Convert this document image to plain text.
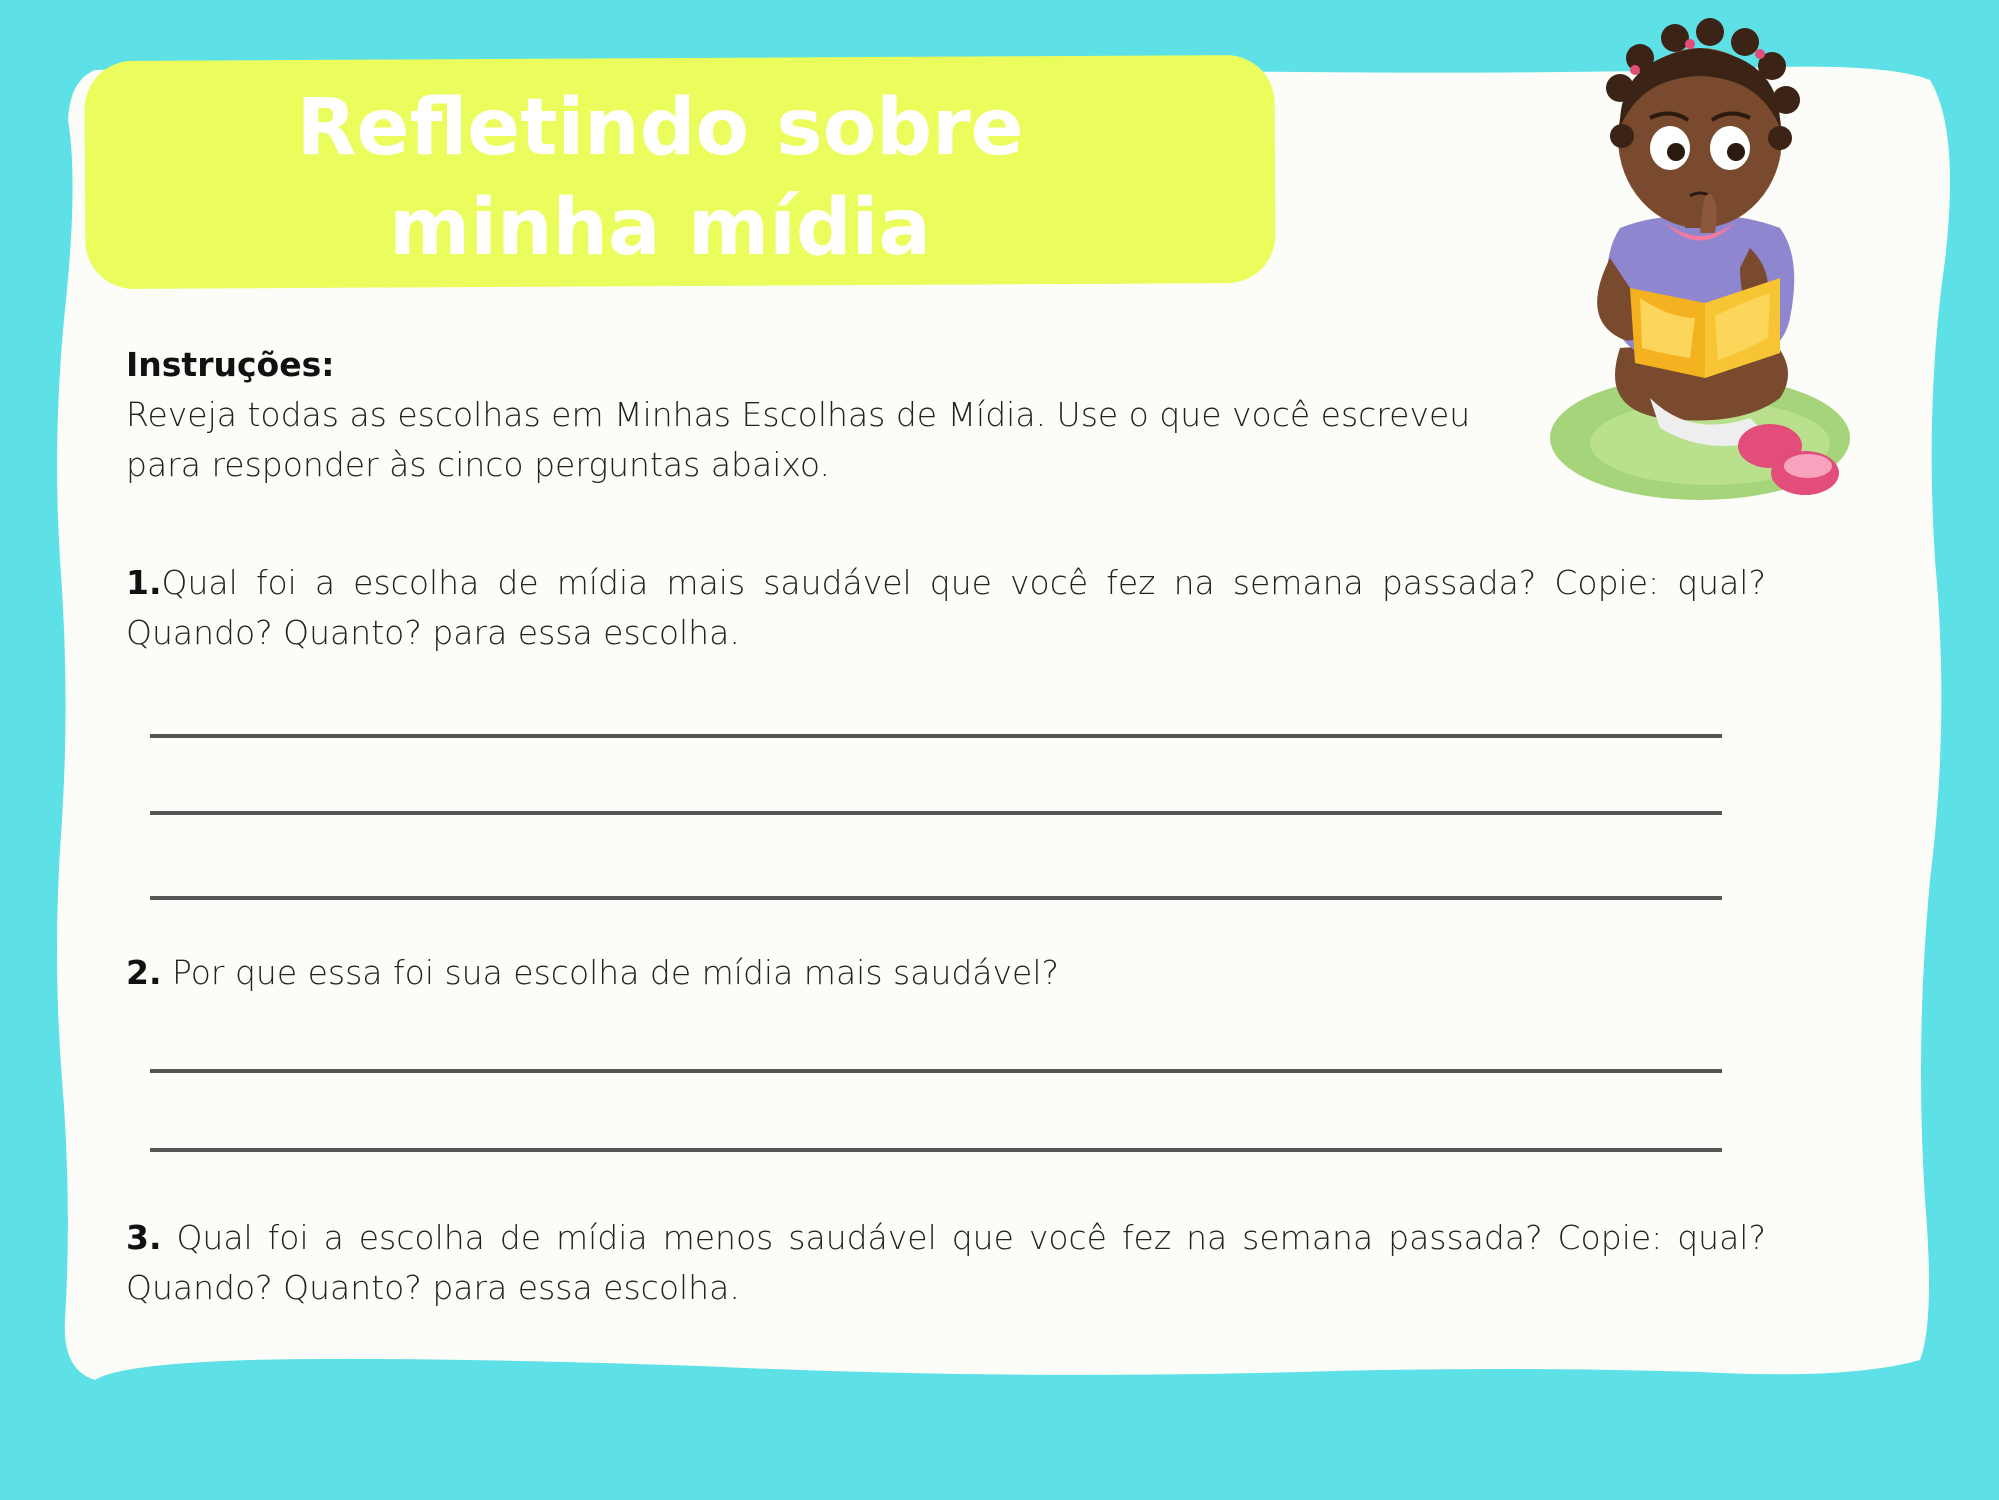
Refletindo sobre minha mídia
Instruções:
Reveja todas as escolhas em Minhas Escolhas de Mídia. Use o que você escreveu para responder às cinco perguntas abaixo.
1.Qual foi a escolha de mídia mais saudável que você fez na semana passada? Copie: qual? Quando? Quanto? para essa escolha.
2. Por que essa foi sua escolha de mídia mais saudável?
3. Qual foi a escolha de mídia menos saudável que você fez na semana passada? Copie: qual? Quando? Quanto? para essa escolha.
